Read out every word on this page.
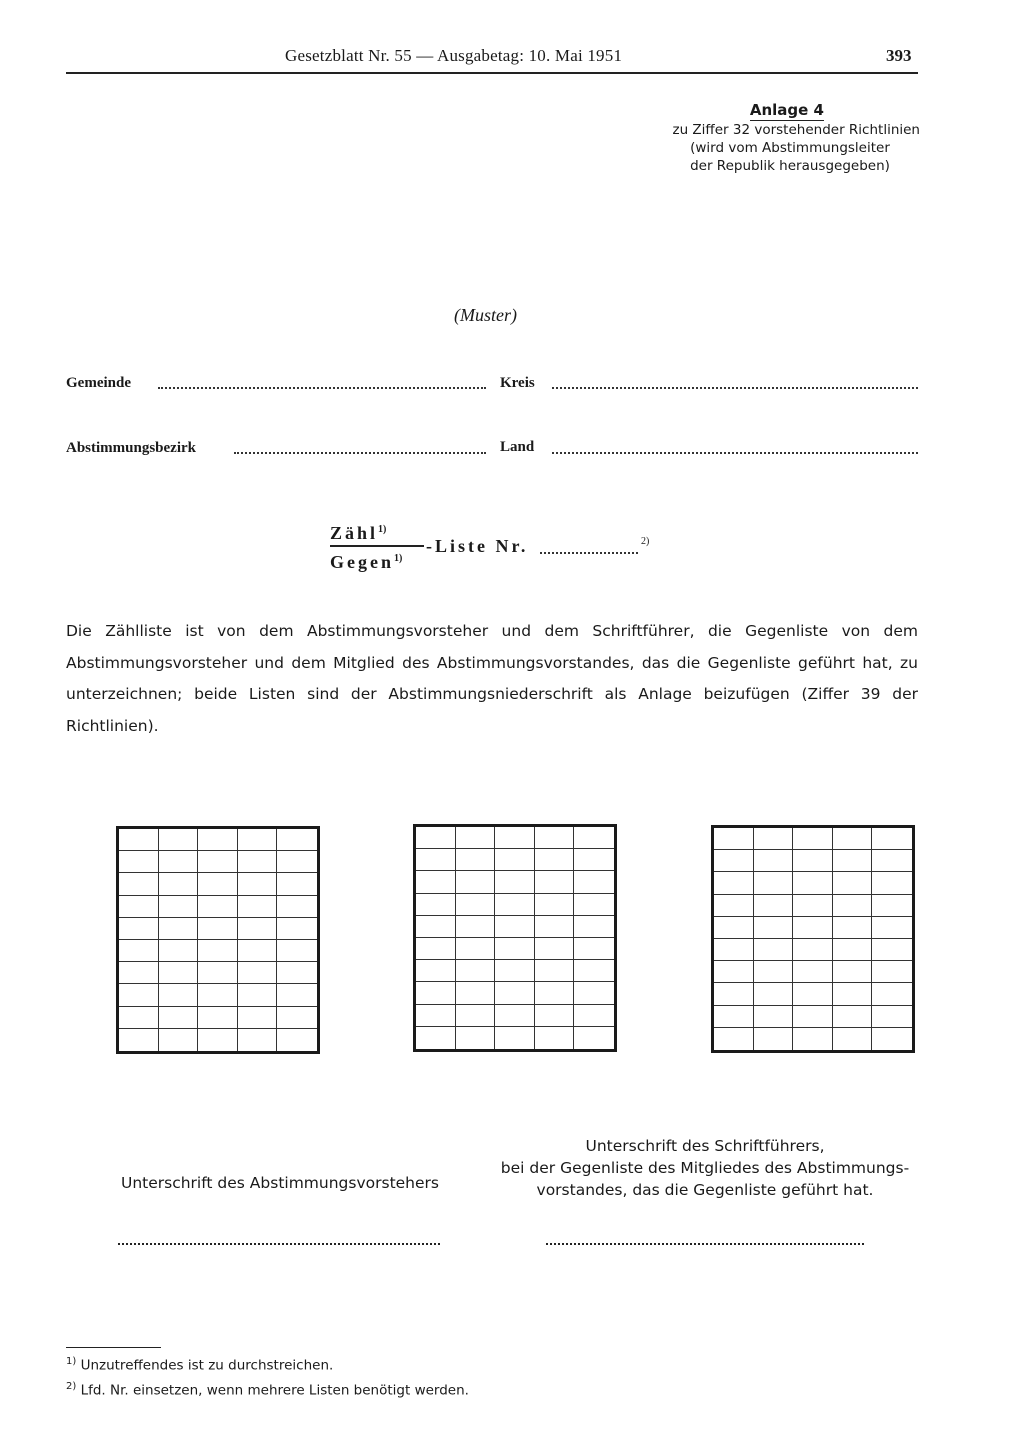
Gesetzblatt Nr. 55 — Ausgabetag: 10. Mai 1951	393
Anlage 4
zu Ziffer 32 vorstehender Richtlinien
(wird vom Abstimmungsleiter
der Republik herausgegeben)
(Muster)
Gemeinde	Kreis
Abstimmungsbezirk	Land
Zähl$^{1)}$
Gegen$^{1)}$
-Liste Nr.	$^{2)}$
Die Zählliste ist von dem Abstimmungsvorsteher und dem Schriftführer, die Gegenliste von dem Abstimmungsvorsteher und dem Mitglied des Abstimmungsvorstandes, das die Gegenliste geführt hat, zu unterzeichnen; beide Listen sind der Abstimmungsniederschrift als Anlage beizufügen (Ziffer 39 der Richtlinien).
Unterschrift des Abstimmungsvorstehers
Unterschrift des Schriftführers,
bei der Gegenliste des Mitgliedes des Abstimmungs-
vorstandes, das die Gegenliste geführt hat.
$^{1)}$ Unzutreffendes ist zu durchstreichen.
$^{2)}$ Lfd. Nr. einsetzen, wenn mehrere Listen benötigt werden.
